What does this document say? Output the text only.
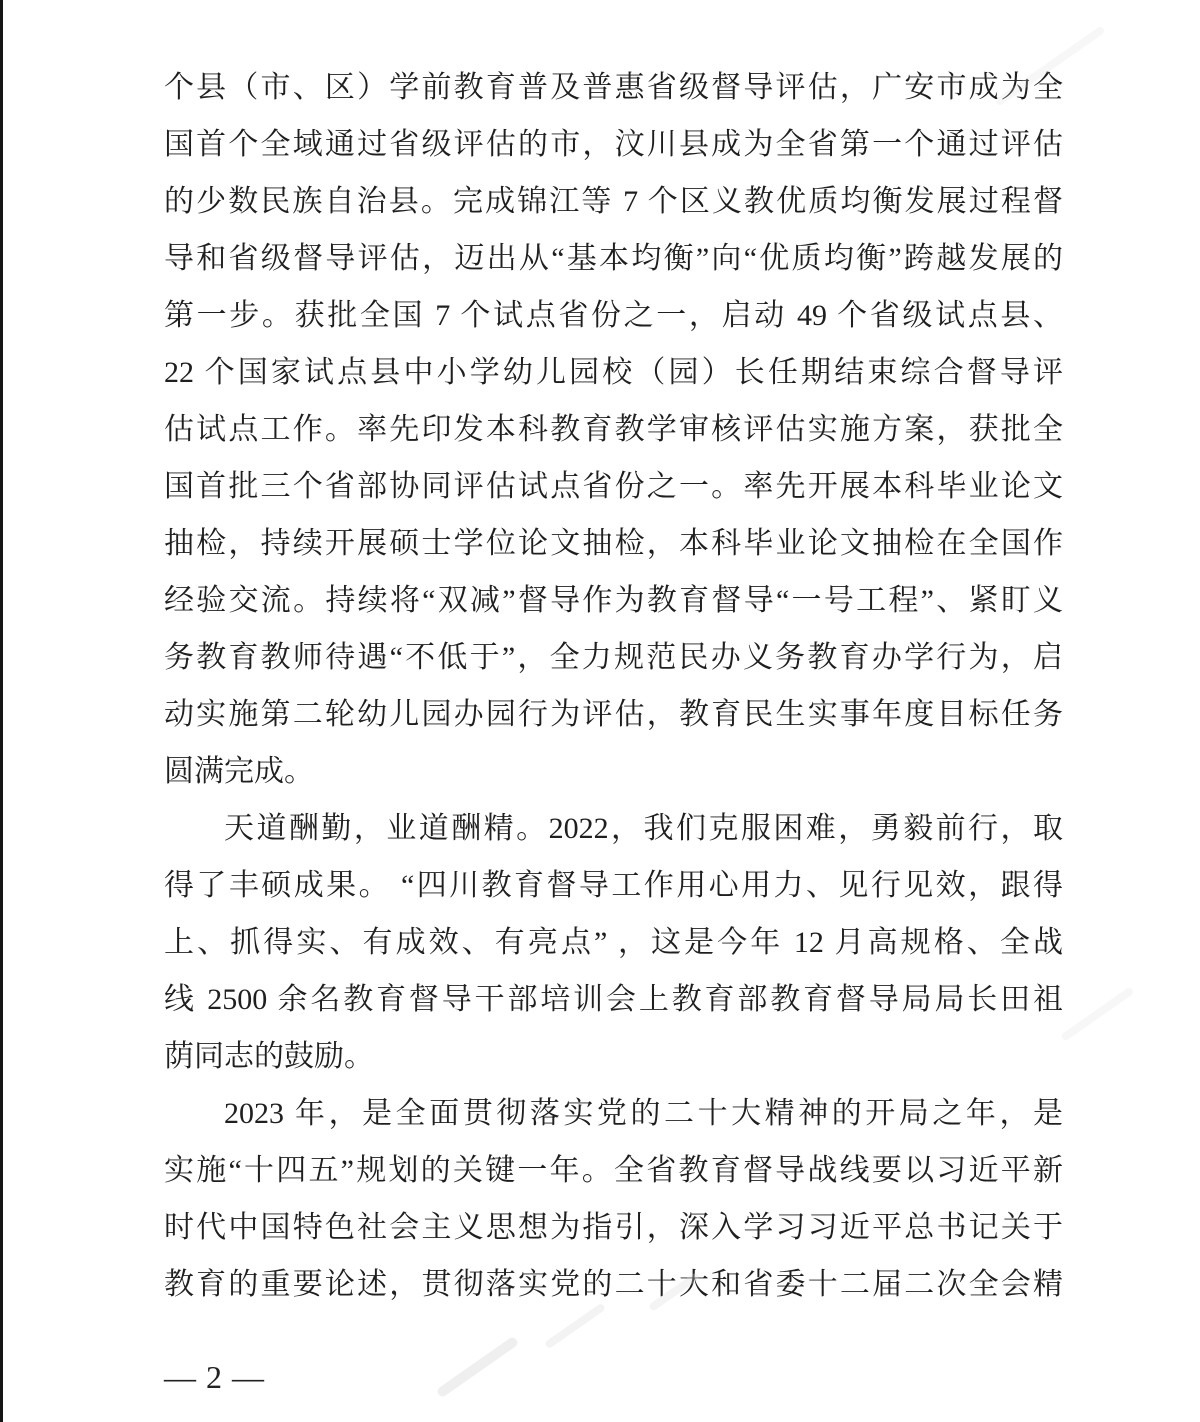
个县（市、区）学前教育普及普惠省级督导评估，广安市成为全
国首个全域通过省级评估的市，汶川县成为全省第一个通过评估
的少数民族自治县。完成锦江等 7 个区义教优质均衡发展过程督
导和省级督导评估，迈出从“基本均衡”向“优质均衡”跨越发展的
第一步。获批全国 7 个试点省份之一，启动 49 个省级试点县、
22 个国家试点县中小学幼儿园校（园）长任期结束综合督导评
估试点工作。率先印发本科教育教学审核评估实施方案，获批全
国首批三个省部协同评估试点省份之一。率先开展本科毕业论文
抽检，持续开展硕士学位论文抽检，本科毕业论文抽检在全国作
经验交流。持续将“双减”督导作为教育督导“一号工程”、紧盯义
务教育教师待遇“不低于”，全力规范民办义务教育办学行为，启
动实施第二轮幼儿园办园行为评估，教育民生实事年度目标任务
圆满完成。
天道酬勤，业道酬精。2022，我们克服困难，勇毅前行，取
得了丰硕成果。 “四川教育督导工作用心用力、见行见效，跟得
上、抓得实、有成效、有亮点” ，这是今年 12 月高规格、全战
线 2500 余名教育督导干部培训会上教育部教育督导局局长田祖
荫同志的鼓励。
2023 年，是全面贯彻落实党的二十大精神的开局之年，是
实施“十四五”规划的关键一年。全省教育督导战线要以习近平新
时代中国特色社会主义思想为指引，深入学习习近平总书记关于
教育的重要论述，贯彻落实党的二十大和省委十二届二次全会精
— 2 —
